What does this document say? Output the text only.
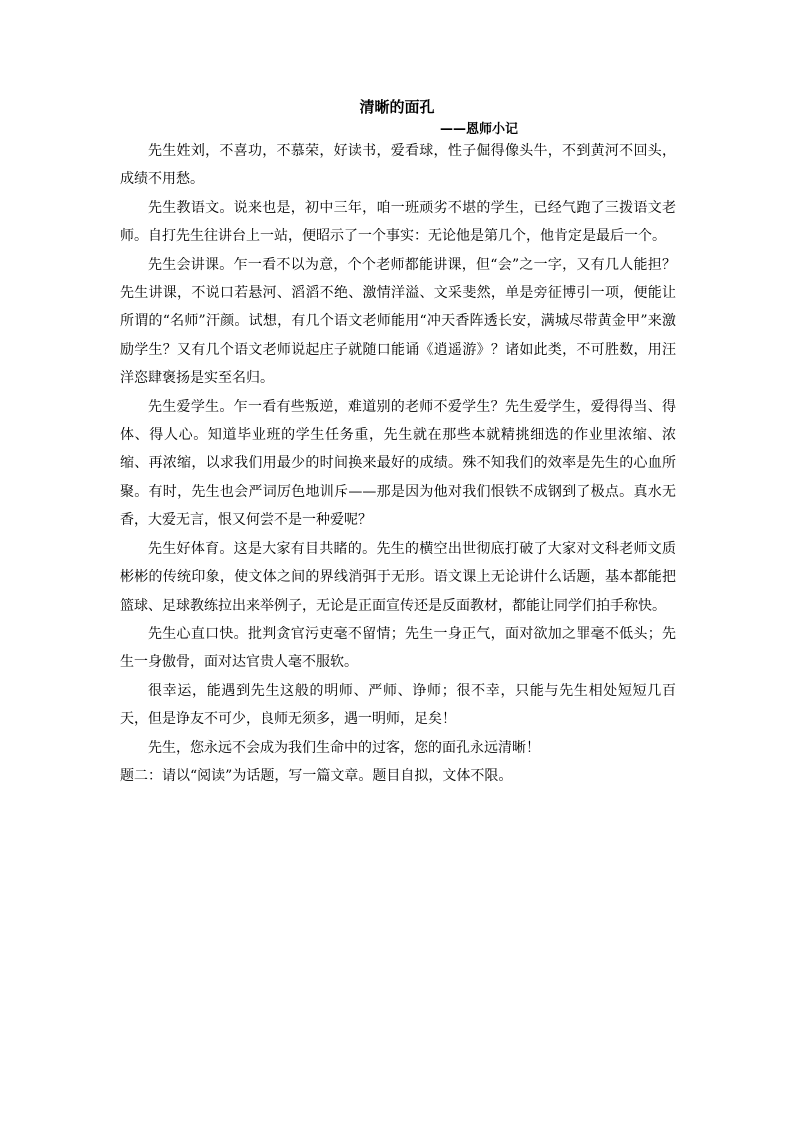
清晰的面孔
——恩师小记

先生姓刘，不喜功，不慕荣，好读书，爱看球，性子倔得像头牛，不到黄河不回头，成绩不用愁。

先生教语文。说来也是，初中三年，咱一班顽劣不堪的学生，已经气跑了三拨语文老师。自打先生往讲台上一站，便昭示了一个事实：无论他是第几个，他肯定是最后一个。

先生会讲课。乍一看不以为意，个个老师都能讲课，但“会”之一字，又有几人能担？先生讲课，不说口若悬河、滔滔不绝、激情洋溢、文采斐然，单是旁征博引一项，便能让所谓的“名师”汗颜。试想，有几个语文老师能用“冲天香阵透长安，满城尽带黄金甲”来激励学生？又有几个语文老师说起庄子就随口能诵《逍遥游》？诸如此类，不可胜数，用汪洋恣肆褒扬是实至名归。

先生爱学生。乍一看有些叛逆，难道别的老师不爱学生？先生爱学生，爱得得当、得体、得人心。知道毕业班的学生任务重，先生就在那些本就精挑细选的作业里浓缩、浓缩、再浓缩，以求我们用最少的时间换来最好的成绩。殊不知我们的效率是先生的心血所聚。有时，先生也会严词厉色地训斥——那是因为他对我们恨铁不成钢到了极点。真水无香，大爱无言，恨又何尝不是一种爱呢？

先生好体育。这是大家有目共睹的。先生的横空出世彻底打破了大家对文科老师文质彬彬的传统印象，使文体之间的界线消弭于无形。语文课上无论讲什么话题，基本都能把篮球、足球教练拉出来举例子，无论是正面宣传还是反面教材，都能让同学们拍手称快。

先生心直口快。批判贪官污吏毫不留情；先生一身正气，面对欲加之罪毫不低头；先生一身傲骨，面对达官贵人毫不服软。

很幸运，能遇到先生这般的明师、严师、诤师；很不幸，只能与先生相处短短几百天，但是诤友不可少，良师无须多，遇一明师，足矣！

先生，您永远不会成为我们生命中的过客，您的面孔永远清晰！

题二：请以“阅读”为话题，写一篇文章。题目自拟，文体不限。
